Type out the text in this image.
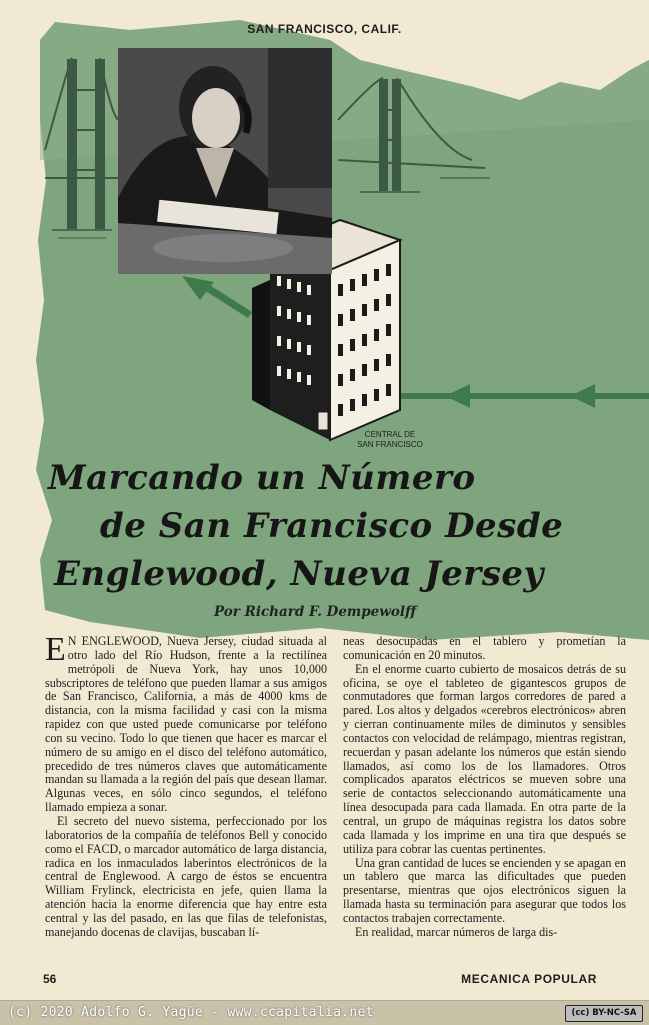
SAN FRANCISCO, CALIF.
CENTRAL DE
SAN FRANCISCO
Marcando un Número
de San Francisco Desde
Englewood, Nueva Jersey
Por Richard F. Dempewolff

E N ENGLEWOOD, Nueva Jersey, ciudad situada al otro lado del Río Hudson, frente a la rectilínea metrópoli de Nueva York, hay unos 10,000 subscriptores de teléfono que pueden llamar a sus amigos de San Francisco, California, a más de 4000 kms de distancia, con la misma facilidad y casi con la misma rapidez con que usted puede comunicarse por teléfono con su vecino. Todo lo que tienen que hacer es marcar el número de su amigo en el disco del teléfono automático, precedido de tres números claves que automáticamente mandan su llamada a la región del país que desean llamar. Algunas veces, en sólo cinco segundos, el teléfono llamado empieza a sonar.

El secreto del nuevo sistema, perfeccionado por los laboratorios de la compañía de teléfonos Bell y conocido como el FACD, o marcador automático de larga distancia, radica en los inmaculados laberintos electrónicos de la central de Englewood. A cargo de éstos se encuentra William Frylinck, electricista en jefe, quien llama la atención hacia la enorme diferencia que hay entre esta central y las del pasado, en las que filas de telefonistas, manejando docenas de clavijas, buscaban lí-

neas desocupadas en el tablero y prometían la comunicación en 20 minutos.

En el enorme cuarto cubierto de mosaicos detrás de su oficina, se oye el tableteo de gigantescos grupos de conmutadores que forman largos corredores de pared a pared. Los altos y delgados «cerebros electrónicos» abren y cierran continuamente miles de diminutos y sensibles contactos con velocidad de relámpago, mientras registran, recuerdan y pasan adelante los números que están siendo llamados, así como los de los llamadores. Otros complicados aparatos eléctricos se mueven sobre una serie de contactos seleccionando automáticamente una línea desocupada para cada llamada. En otra parte de la central, un grupo de máquinas registra los datos sobre cada llamada y los imprime en una tira que después se utiliza para cobrar las cuentas pertinentes.

Una gran cantidad de luces se encienden y se apagan en un tablero que marca las dificultades que pueden presentarse, mientras que ojos electrónicos siguen la llamada hasta su terminación para asegurar que todos los contactos trabajen correctamente.

En realidad, marcar números de larga dis-

56	MECANICA POPULAR
(c) 2020 Adolfo G. Yagüe - www.ccapitalia.net	(cc) BY-NC-SA
